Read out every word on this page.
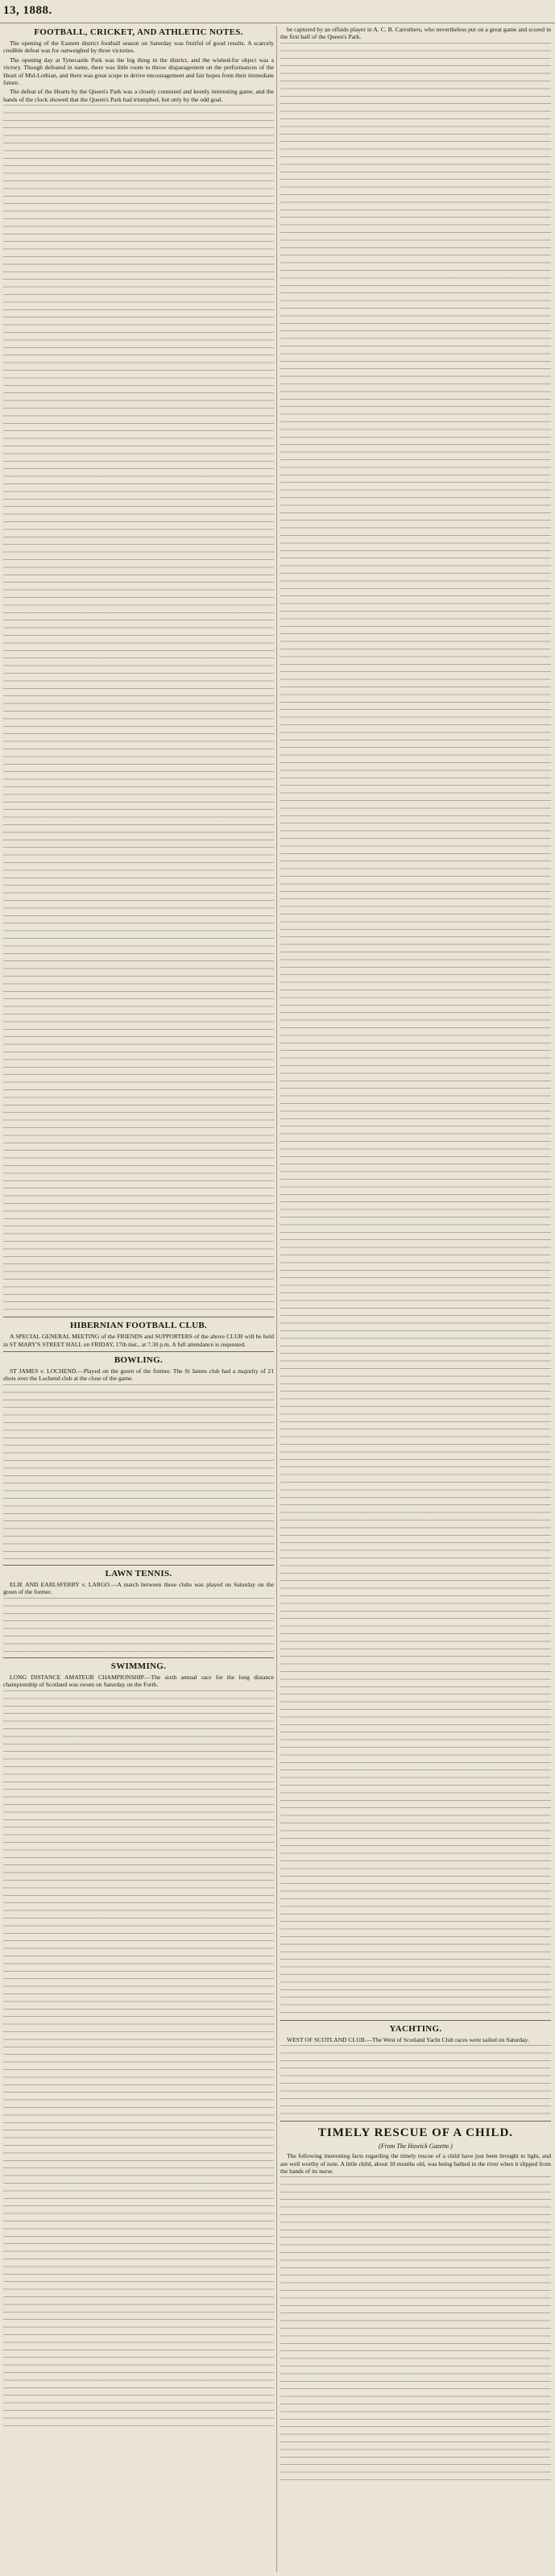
13, 1888.
FOOTBALL, CRICKET, AND ATHLETIC NOTES.

The opening of the Eastern district football season on Saturday was fruitful of good results. A scarcely credible defeat was for outweighed by three victories.

The opening day at Tynecastle Park was the big thing in the district, and the wished-for object was a victory. Though defeated in name, there was little room to throw disparagement on the performances of the Heart of Mid-Lothian, and there was great scope to derive encouragement and fair hopes from their immediate future.

The defeat of the Hearts by the Queen's Park was a closely contested and keenly interesting game, and the hands of the clock showed that the Queen's Park had triumphed, but only by the odd goal.

HIBERNIAN FOOTBALL CLUB.

A SPECIAL GENERAL MEETING of the FRIENDS and SUPPORTERS of the above CLUB will be held in ST MARY'S STREET HALL on FRIDAY, 17th inst., at 7.30 p.m. A full attendance is requested.

BOWLING.

ST JAMES v. LOCHEND.—Played on the green of the former. The St James club had a majority of 21 shots over the Lochend club at the close of the game.

LAWN TENNIS.

ELIE AND EARLSFERRY v. LARGO.—A match between these clubs was played on Saturday on the green of the former.

SWIMMING.

LONG DISTANCE AMATEUR CHAMPIONSHIP.—The sixth annual race for the long distance championship of Scotland was swum on Saturday on the Forth.

be captured by an offside player in A. C. B. Carruthers, who nevertheless put on a great game and scored in the first half of the Queen's Park.

YACHTING.

WEST OF SCOTLAND CLUB.—The West of Scotland Yacht Club races were sailed on Saturday.

TIMELY RESCUE OF A CHILD.
(From The Hawick Gazette.)

The following interesting facts regarding the timely rescue of a child have just been brought to light, and are well worthy of note. A little child, about 18 months old, was being bathed in the river when it slipped from the hands of its nurse.
